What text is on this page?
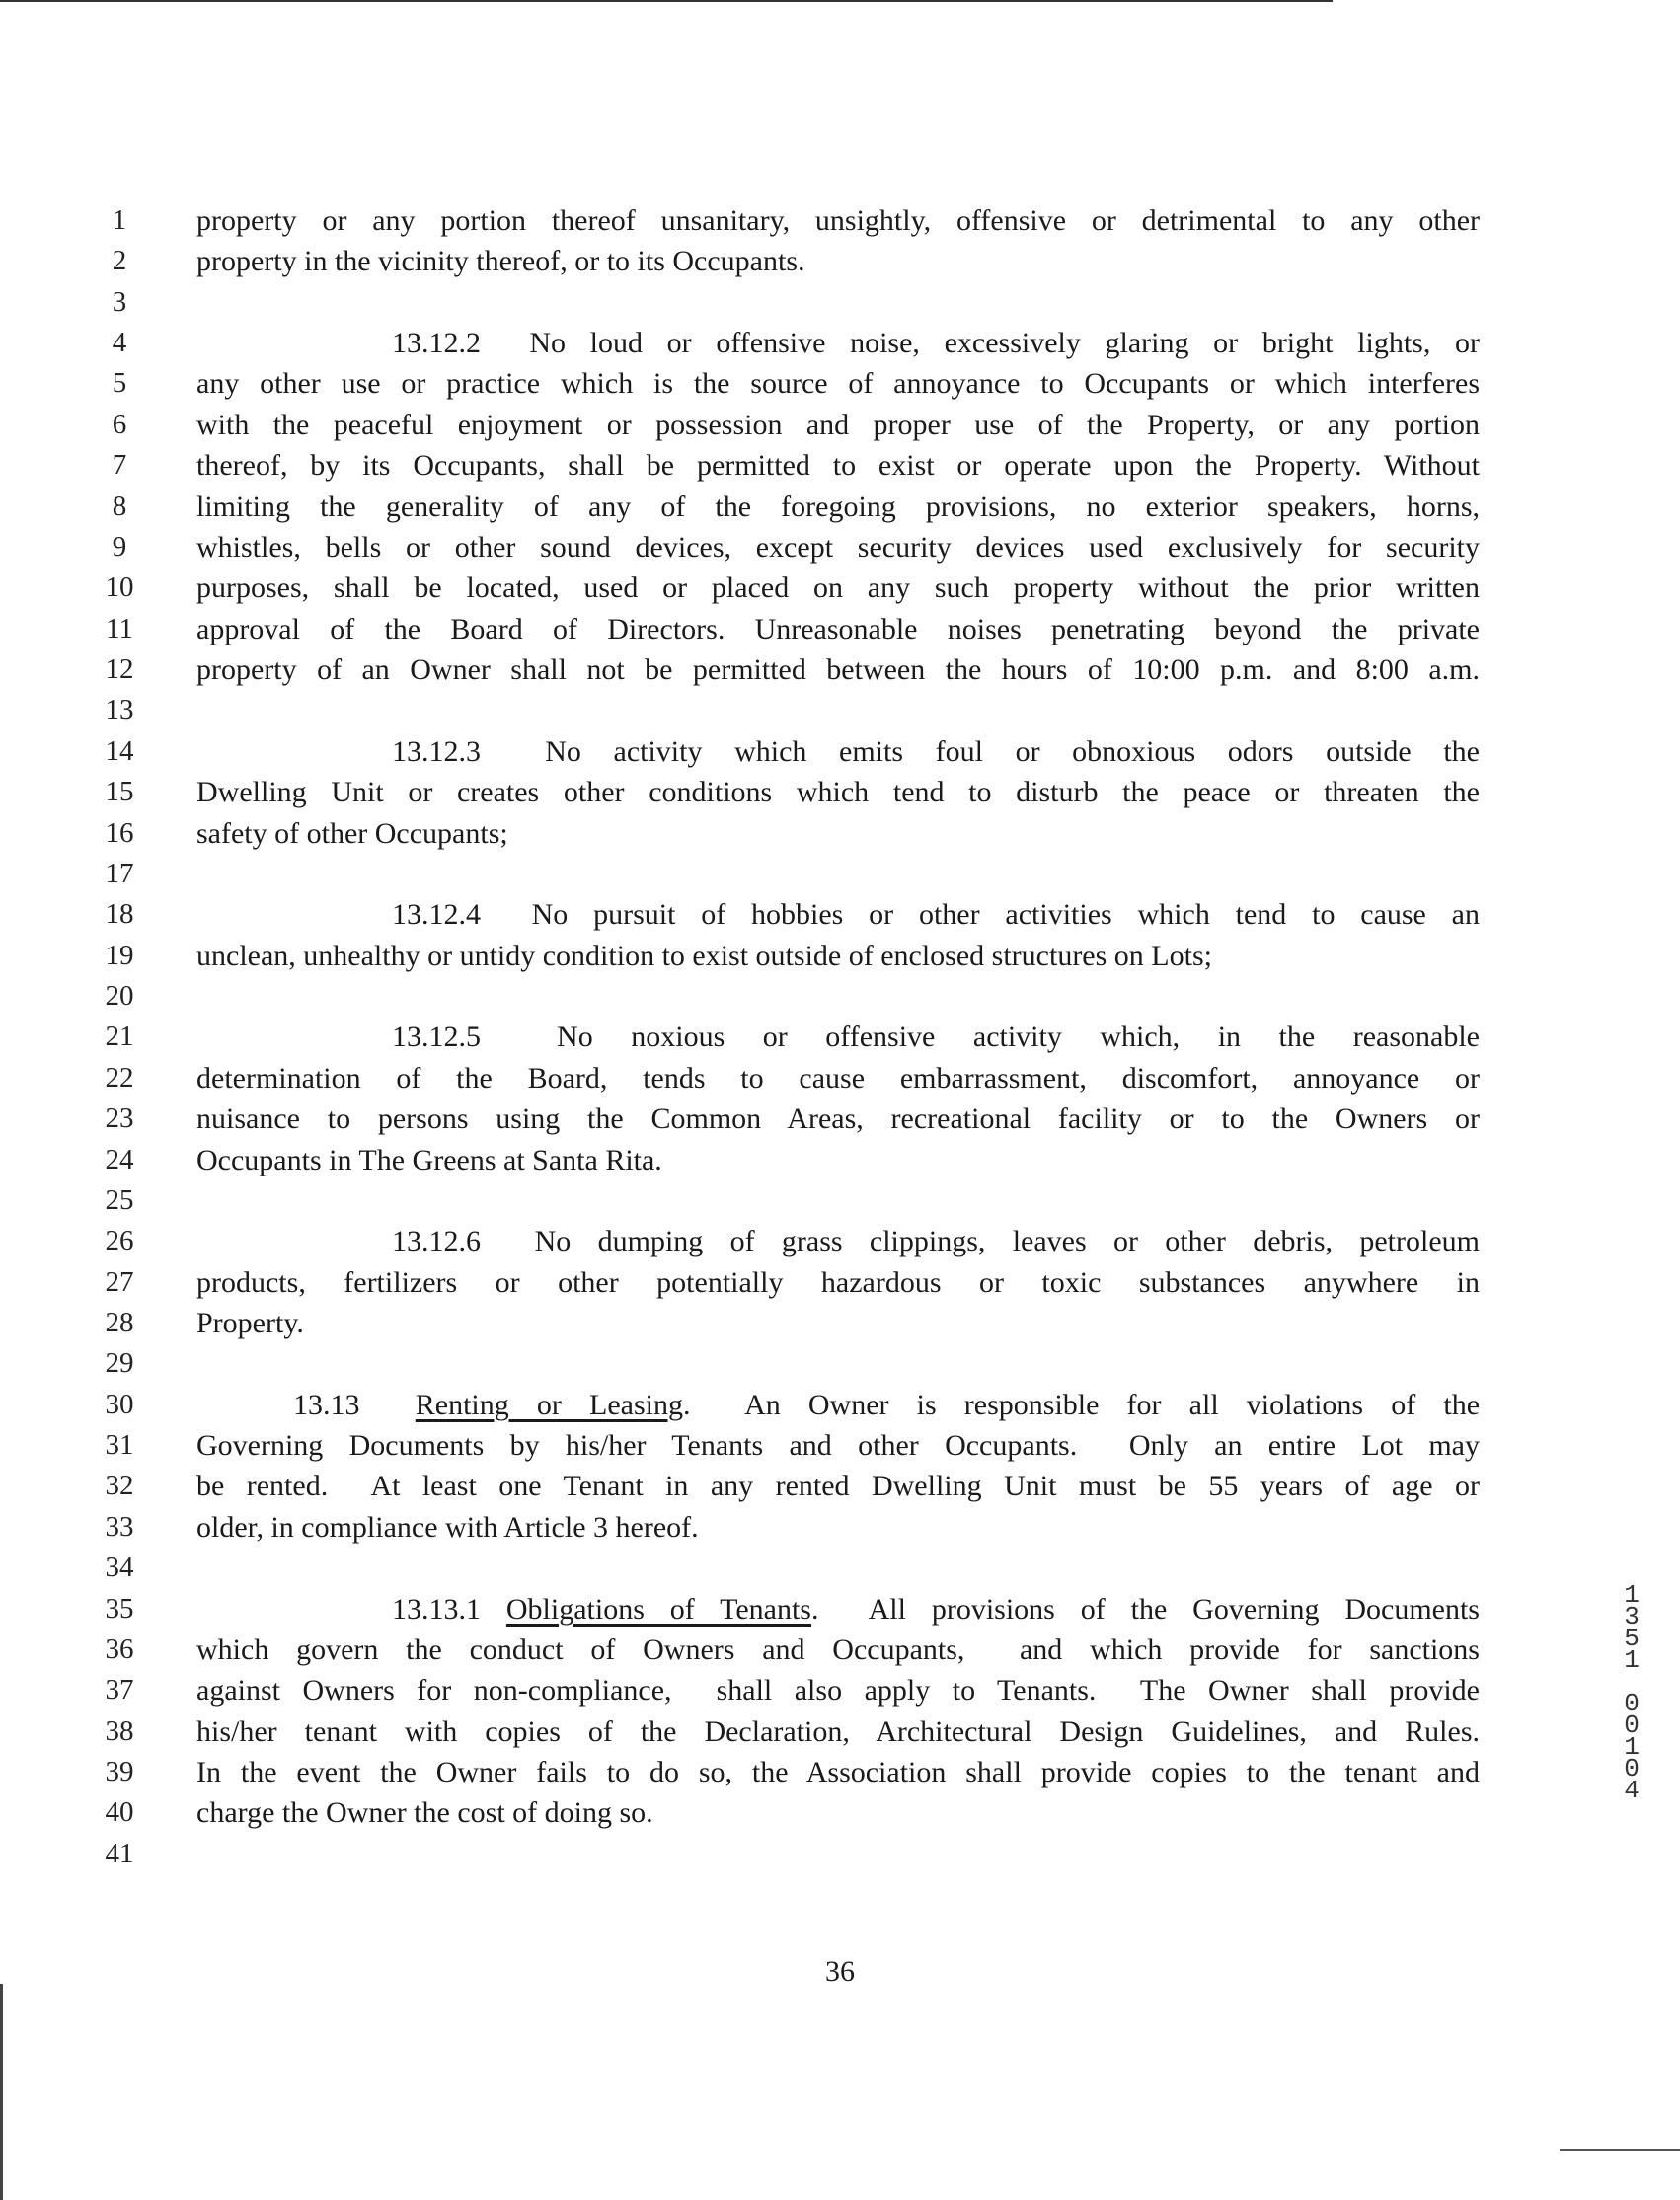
1	property or any portion thereof unsanitary, unsightly, offensive or detrimental to any other
2	property in the vicinity thereof, or to its Occupants.
3
4	13.12.2  No loud or offensive noise, excessively glaring or bright lights, or
5	any other use or practice which is the source of annoyance to Occupants or which interferes
6	with the peaceful enjoyment or possession and proper use of the Property, or any portion
7	thereof, by its Occupants, shall be permitted to exist or operate upon the Property. Without
8	limiting the generality of any of the foregoing provisions, no exterior speakers, horns,
9	whistles, bells or other sound devices, except security devices used exclusively for security
10	purposes, shall be located, used or placed on any such property without the prior written
11	approval of the Board of Directors. Unreasonable noises penetrating beyond the private
12	property of an Owner shall not be permitted between the hours of 10:00 p.m. and 8:00 a.m.
13
14	13.12.3  No activity which emits foul or obnoxious odors outside the
15	Dwelling Unit or creates other conditions which tend to disturb the peace or threaten the
16	safety of other Occupants;
17
18	13.12.4  No pursuit of hobbies or other activities which tend to cause an
19	unclean, unhealthy or untidy condition to exist outside of enclosed structures on Lots;
20
21	13.12.5  No noxious or offensive activity which, in the reasonable
22	determination of the Board, tends to cause embarrassment, discomfort, annoyance or
23	nuisance to persons using the Common Areas, recreational facility or to the Owners or
24	Occupants in The Greens at Santa Rita.
25
26	13.12.6  No dumping of grass clippings, leaves or other debris, petroleum
27	products, fertilizers or other potentially hazardous or toxic substances anywhere in
28	Property.
29
30	13.13  Renting or Leasing.  An Owner is responsible for all violations of the
31	Governing Documents by his/her Tenants and other Occupants.  Only an entire Lot may
32	be rented.  At least one Tenant in any rented Dwelling Unit must be 55 years of age or
33	older, in compliance with Article 3 hereof.
34
35	13.13.1 Obligations of Tenants.  All provisions of the Governing Documents
36	which govern the conduct of Owners and Occupants,  and which provide for sanctions
37	against Owners for non-compliance,  shall also apply to Tenants.  The Owner shall provide
38	his/her tenant with copies of the Declaration, Architectural Design Guidelines, and Rules.
39	In the event the Owner fails to do so, the Association shall provide copies to the tenant and
40	charge the Owner the cost of doing so.
41
36
1
3
5
1

0
0
1
0
4
